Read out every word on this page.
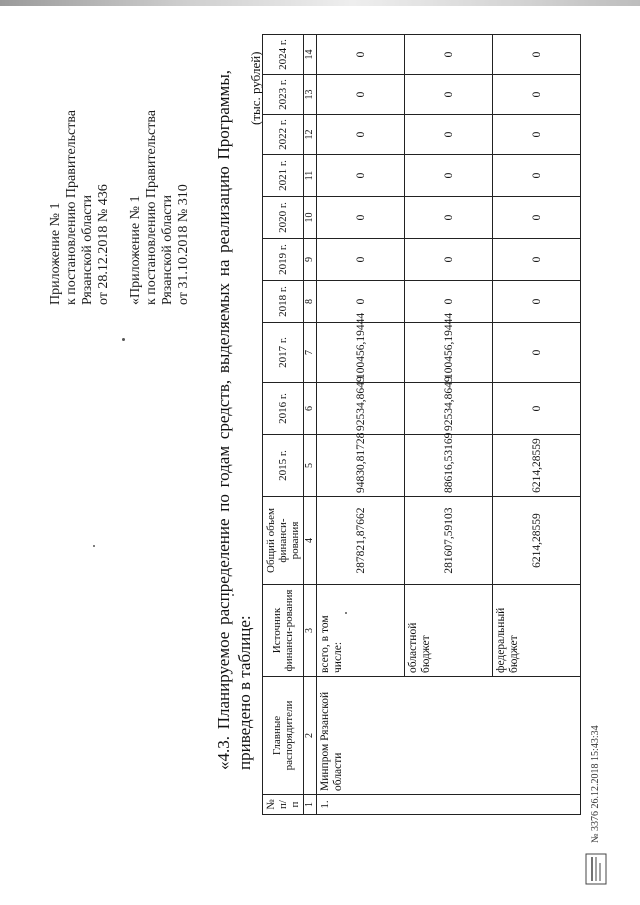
Приложение № 1 к постановлению Правительства Рязанской области от 28.12.2018 № 436 «Приложение № 1 к постановлению Правительства Рязанской области от 31.10.2018 № 310 «4.3. Планируемое распределение по годам средств, выделяемых на реализацию Программы, приведено в таблице:
(тыс. рублей)
№ п/п	Главные распорядители	Источник финанси-рования	Общий объем финанси-рования	2015 г.	2016 г.	2017 г.	2018 г.	2019 г.	2020 г.	2021 г.	2022 г.	2023 г.	2024 г.
1	2	3	4	5	6	7	8	9	10	11	12	13	14
1.	Минпром Рязанской области	всего, в том числе:	287821,87662	94830,81728	92534,8649	100456,19444	0	0	0	0	0	0	0
		областной бюджет	281607,59103	88616,53169	92534,8649	100456,19444	0	0	0	0	0	0	0
		федеральный бюджет	6214,28559	6214,28559	0	0	0	0	0	0	0	0	0
№ 3376 26.12.2018 15:43:34
